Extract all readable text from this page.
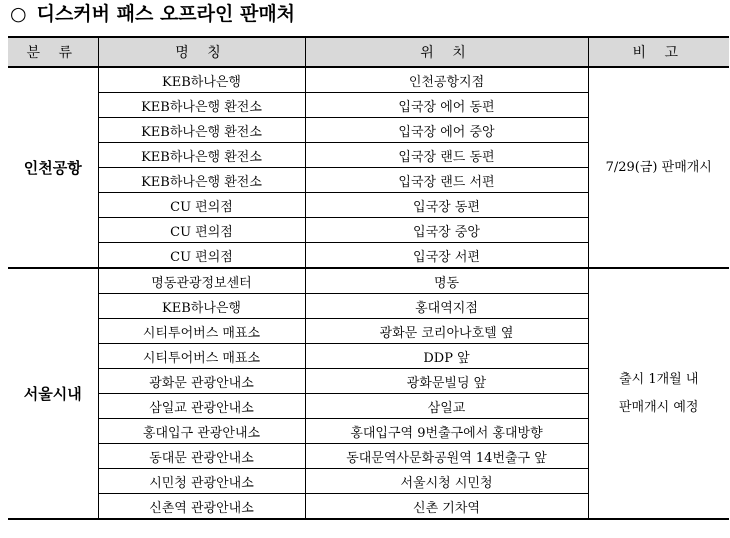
○ 디스커버 패스 오프라인 판매처
분 류	명 칭	위 치	비 고
인천공항	KEB하나은행	인천공항지점	7/29(금) 판매개시

	KEB하나은행 환전소	입국장 에어 동편	
	KEB하나은행 환전소	입국장 에어 중앙	
	KEB하나은행 환전소	입국장 랜드 동편	
	KEB하나은행 환전소	입국장 랜드 서편	
	CU 편의점	입국장 동편	
	CU 편의점	입국장 중앙	
	CU 편의점	입국장 서편	
서울시내	명동관광정보센터	명동	출시 1개월 내
판매개시 예정

	KEB하나은행	홍대역지점	
	시티투어버스 매표소	광화문 코리아나호텔 옆	
	시티투어버스 매표소	DDP 앞	
	광화문 관광안내소	광화문빌딩 앞	
	삼일교 관광안내소	삼일교	
	홍대입구 관광안내소	홍대입구역 9번출구에서 홍대방향	
	동대문 관광안내소	동대문역사문화공원역 14번출구 앞	
	시민청 관광안내소	서울시청 시민청	
	신촌역 관광안내소	신촌 기차역	
